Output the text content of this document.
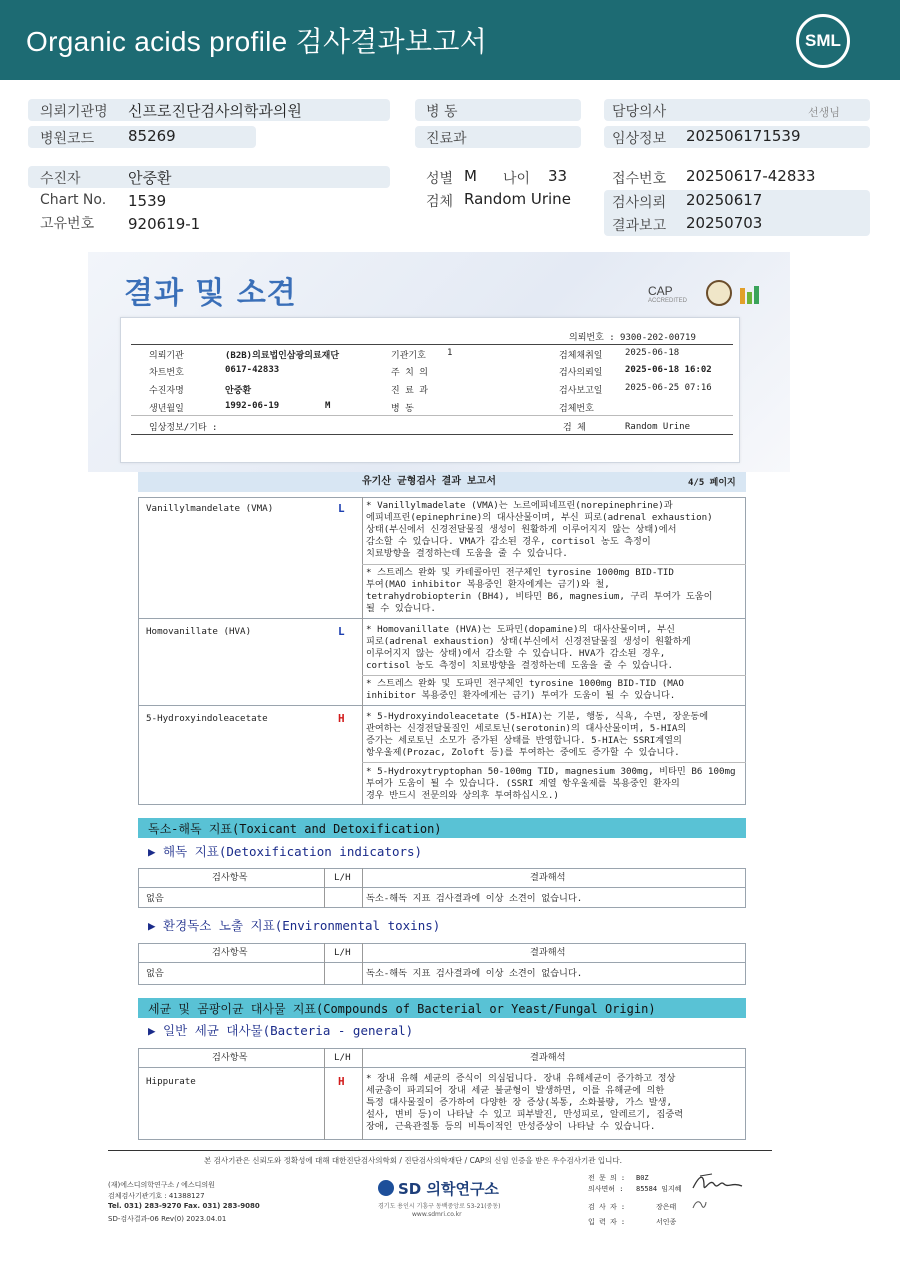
Organic acids profile 검사결과보고서	SML
의뢰기관명 신프로진단검사의학과의원
병원코드 85269
병 동
진료과
담당의사	선생님
임상정보 202506171539
수진자	안중환
Chart No. 1539
고유번호 920619-1
성별 M 나이 33
검체 Random Urine
접수번호 20250617-42833
검사의뢰 20250617
결과보고 20250703
결과 및 소견	CAP
ACCREDITED
의뢰번호 : 9300-202-00719
의뢰기관	(B2B)의료법인삼광의료재단	기관기호 1	검체채취일	2025-06-18
차트번호	0617-42833	주 치 의	검사의뢰일	2025-06-18 16:02
수진자명	안중환	진 료 과	검사보고일	2025-06-25 07:16
생년월일	1992-06-19	M	병 동	검체번호
임상정보/기타 :	검 체	Random Urine
유기산 균형검사 결과 보고서	4/5 페이지
Vanillylmandelate (VMA)	L * Vanillylmadelate (VMA)는 노르에피네프린(norepinephrine)과
에피네프린(epinephrine)의 대사산물이며, 부신 피로(adrenal exhaustion)
상태(부신에서 신경전달물질 생성이 원활하게 이루어지지 않는 상태)에서
감소할 수 있습니다. VMA가 감소된 경우, cortisol 농도 측정이
치료방향을 결정하는데 도움을 줄 수 있습니다.
* 스트레스 완화 및 카테콜아민 전구체인 tyrosine 1000mg BID-TID
투여(MAO inhibitor 복용중인 환자에게는 금기)와 철,
tetrahydrobiopterin (BH4), 비타민 B6, magnesium, 구리 투여가 도움이
될 수 있습니다.
Homovanillate (HVA)	L * Homovanillate (HVA)는 도파민(dopamine)의 대사산물이며, 부신
피로(adrenal exhaustion) 상태(부신에서 신경전달물질 생성이 원활하게
이루어지지 않는 상태)에서 감소할 수 있습니다. HVA가 감소된 경우,
cortisol 농도 측정이 치료방향을 결정하는데 도움을 줄 수 있습니다.
* 스트레스 완화 및 도파민 전구체인 tyrosine 1000mg BID-TID (MAO
inhibitor 복용중인 환자에게는 금기) 투여가 도움이 될 수 있습니다.
5-Hydroxyindoleacetate	H * 5-Hydroxyindoleacetate (5-HIA)는 기분, 행동, 식욕, 수면, 장운동에
관여하는 신경전달물질인 세로토닌(serotonin)의 대사산물이며, 5-HIA의
증가는 세로토닌 소모가 증가된 상태를 반영합니다. 5-HIA는 SSRI계열의
항우울제(Prozac, Zoloft 등)를 투여하는 중에도 증가할 수 있습니다.
* 5-Hydroxytryptophan 50-100mg TID, magnesium 300mg, 비타민 B6 100mg
투여가 도움이 될 수 있습니다. (SSRI 계열 항우울제를 복용중인 환자의
경우 반드시 전문의와 상의후 투여하십시오.)
독소-해독 지표(Toxicant and Detoxification)
▶ 해독 지표(Detoxification indicators)
검사항목	L/H	결과해석
없음	독소-해독 지표 검사결과에 이상 소견이 없습니다.
▶ 환경독소 노출 지표(Environmental toxins)
검사항목	L/H	결과해석
없음	독소-해독 지표 검사결과에 이상 소견이 없습니다.
세균 및 곰팡이균 대사물 지표(Compounds of Bacterial or Yeast/Fungal Origin)
▶ 일반 세균 대사물(Bacteria - general)
검사항목	L/H	결과해석
Hippurate	H * 장내 유해 세균의 증식이 의심됩니다. 장내 유해세균이 증가하고 정상
세균총이 파괴되어 장내 세균 불균형이 발생하면, 이를 유해균에 의한
특정 대사물질이 증가하여 다양한 장 증상(복통, 소화불량, 가스 발생,
설사, 변비 등)이 나타날 수 있고 피부발진, 만성피로, 알레르기, 집중력
장애, 근육관절통 등의 비특이적인 만성증상이 나타날 수 있습니다.
본 검사기관은 신뢰도와 정확성에 대해 대한진단검사의학회 / 진단검사의학재단 / CAP의 신임 인증을 받은 우수검사기관 입니다.
(재)에스디의학연구소 / 에스디의원
검체검사기관기호 : 41388127
Tel. 031) 283-9270 Fax. 031) 283-9080
SD-검사결과-06 Rev(0) 2023.04.01
SD 의학연구소
경기도 용인시 기흥구 동백중앙로 53-21(중동)
www.sdmri.co.kr
전 문 의 : B0Z
의사면허 : 85584 임지혜
검 사 자 :	장은태
입 력 자 :	서인종
